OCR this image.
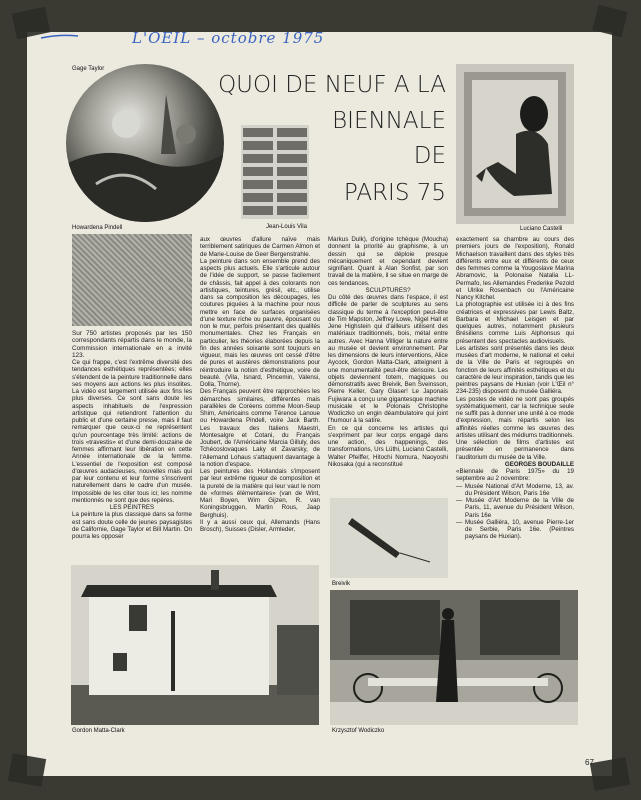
L'OEIL – octobre 1975
Gage Taylor
Howardena Pindell	Jean-Louis Vila
QUOI DE NEUF A LA
BIENNALE
DE
PARIS 75
Luciano Castelli

Sur 750 artistes proposés par les 150 correspondants répartis dans le monde, la Commission internationale en a invité 123.

Ce qui frappe, c'est l'extrême diversité des tendances esthétiques représentées; elles s'étendent de la peinture traditionnelle dans ses moyens aux actions les plus insolites. La vidéo est largement utilisée aux fins les plus diverses. Ce sont sans doute les aspects inhabituels de l'expression artistique qui retiendront l'attention du public et d'une certaine presse, mais il faut remarquer que ceux-ci ne représentent qu'un pourcentage très limité: actions de trois «travestis» et d'une demi-douzaine de femmes affirmant leur libération en cette Année internationale de la femme. L'essentiel de l'exposition est composé d'œuvres audacieuses, nouvelles mais qui par leur contenu et leur forme s'inscrivent naturellement dans le cadre d'un musée. Impossible de les citer tous ici; les nomme mentionnés ne sont que des repères.

LES PEINTRES

La peinture la plus classique dans sa forme est sans doute celle de jeunes paysagistes de Californie, Gage Taylor et Bill Martin. On pourra les opposer

aux œuvres d'allure naïve mais terriblement satiriques de Carmen Almon et de Marie-Louise de Geer Bergenstrahle.

La peinture dans son ensemble prend des aspects plus actuels. Elle s'articule autour de l'idée de support, se passe facilement de châssis, fait appel à des colorants non artistiques, teintures, grésil, etc., utilise dans sa composition les découpages, les coutures piquées à la machine pour nous mettre en face de surfaces organisées d'une texture riche ou pauvre, épousant ou non le mur, perfois présentant des qualités monumentales. Chez les Français en particulier, les théories élaborées depuis la fin des années soixante sont toujours en vigueur, mais les œuvres ont cessé d'être de pures et austères démonstrations pour réintroduire la notion d'esthétique, voire de beauté. (Vila, Isnard, Pincemin, Valensi, Dolla, Thorne).

Des Français peuvent être rapprochées les démarches similaires, différentes mais parallèles de Coréens comme Moon-Seup Shim, Américains comme Térence Lanoue ou Howardena Pindell, voire Jack Barth. Les travaux des Italiens Maestri, Montesalgre et Cotani, du Français Joubert, de l'Américaine Marcia Gilluly, des Tchécoslovaques Laky et Zavarsky, de l'Allemand Lohaus s'attaquent davantage à la notion d'espace.

Les peintures des Hollandais s'imposent par leur extrême rigueur de composition et la pureté de la matière qui leur vaut le nom de «formes élémentaires» (van de Wint, Mari Boyen, Wim Gijzen, R. van Koningsbruggen, Martin Rous, Jaap Berghuis).

Il y a aussi ceux qui, Allemands (Hans Brosch), Suisses (Disler, Armleder,

Markus Dulk), d'origine tchèque (Moucha) donnent la priorité au graphisme, à un dessin qui se déploie presque mécaniquement et cependant devient signifiant. Quant à Alan Sonfist, par son travail de la matière, il se situe en marge de ces tendances.

SCULPTURES?

Du côté des œuvres dans l'espace, il est difficile de parler de sculptures au sens classique du terme à l'exception peut-être de Tim Mapston, Jeffrey Lowe, Nigel Hall et Jene Highstein qui d'ailleurs utilisent des matériaux traditionnels, bois, métal entre autres. Avec Hanna Villiger la nature entre au musée et devient environnement. Par les dimensions de leurs interventions, Alice Aycock, Gordon Matta-Clark, atteignent à une monumentalité peut-être dérisoire. Les objets deviennent totem, magiques ou démonstratifs avec Breivik, Ben Sveinsson, Pierre Keller, Gary Glaser! Le Japonais Fujiwara a conçu une gigantesque machine musicale et le Polonais Christophe Wodiczko un engin déambulatoire qui joint l'humour à la satire.

En ce qui concerne les artistes qui s'expriment par leur corps engagé dans une action, des happenings, des transformations, Urs Lüthi, Luciano Castelli, Walter Pfeiffer, Hitochi Nomura, Naoyoshi Nikosaka (qui a reconstitué

exactement sa chambre au cours des premiers jours de l'exposition), Ronald Michaelson travaillent dans des styles très différents entre eux et différents de ceux des femmes comme la Yougoslave Marina Abramovic, la Polonaise Natalia LL-Permafo, les Allemandes Frederike Pezold et Ulrike Rosenbach ou l'Américaine Nancy Kitchel.

La photographie est utilisée ici à des fins créatrices et expressives par Lewis Baltz, Barbara et Michael Leisgen et par quelques autres, notamment plusieurs Brésiliens comme Luis Alphonsus qui présentent des spectacles audiovisuels.

Les artistes sont présentés dans les deux musées d'art moderne, le national et celui de la Ville de Paris et regroupés en fonction de leurs affinités esthétiques et du caractère de leur inspiration, tandis que les peintres paysans de Huxian (voir L'Œil n° 234-235) disposent du musée Galliéra.

Les postes de vidéo ne sont pas groupés systématiquement, car la technique seule ne suffit pas à donner une unité à ce mode d'expression, mais répartis selon les affinités réelles comme les œuvres des artistes utilisant des médiums traditionnels.

Une sélection de films d'artistes est présentée en permanence dans l'auditorium du musée de la Ville.

GEORGES BOUDAILLE

«Biennale de Paris 1975» du 19 septembre au 2 novembre:

— Musée National d'Art Moderne, 13, av. du Président Wilson, Paris 16e

— Musée d'Art Moderne de la Ville de Paris, 11, avenue du Président Wilson, Paris 16e

— Musée Galliéra, 10, avenue Pierre-1er de Serbie, Paris 16e. (Peintres paysans de Huxian).

Breivik
Gordon Matta-Clark	Krzysztof Wodiczko
67
